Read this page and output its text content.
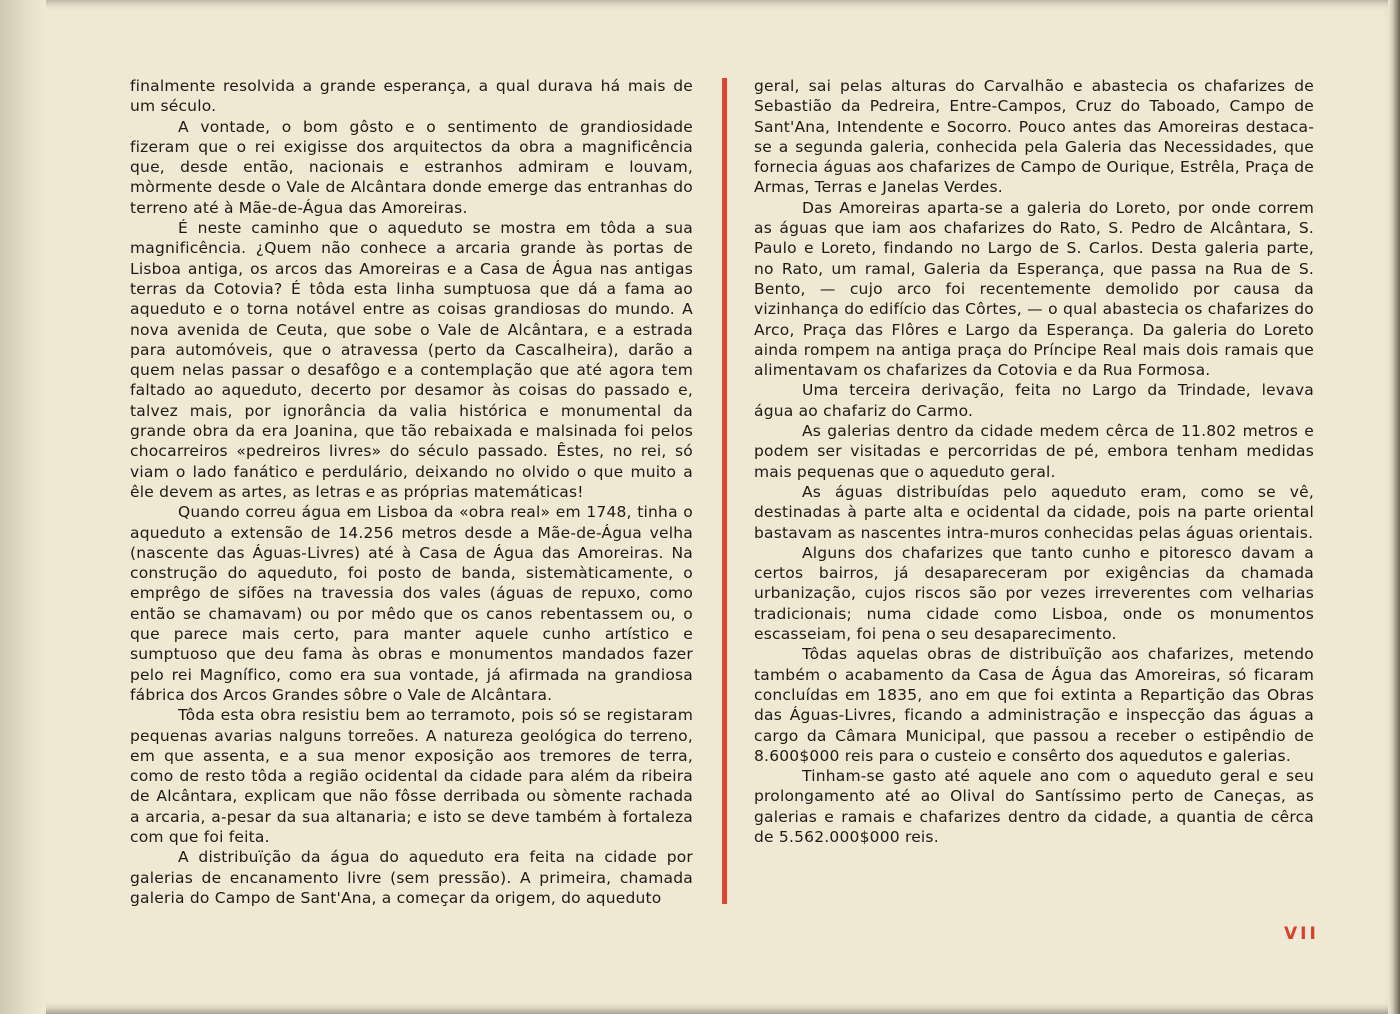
finalmente resolvida a grande esperança, a qual durava há mais de um século.

A vontade, o bom gôsto e o sentimento de grandiosidade fizeram que o rei exigisse dos arquitectos da obra a magnificência que, desde então, nacionais e estranhos admiram e louvam, mòrmente desde o Vale de Alcântara donde emerge das entranhas do terreno até à Mãe-de-Água das Amoreiras.

É neste caminho que o aqueduto se mostra em tôda a sua magnificência. ¿Quem não conhece a arcaria grande às portas de Lisboa antiga, os arcos das Amoreiras e a Casa de Água nas antigas terras da Cotovia? É tôda esta linha sumptuosa que dá a fama ao aqueduto e o torna notável entre as coisas grandiosas do mundo. A nova avenida de Ceuta, que sobe o Vale de Alcântara, e a estrada para automóveis, que o atravessa (perto da Cascalheira), darão a quem nelas passar o desafôgo e a contemplação que até agora tem faltado ao aqueduto, decerto por desamor às coisas do passado e, talvez mais, por ignorância da valia histórica e monumental da grande obra da era Joanina, que tão rebaixada e malsinada foi pelos chocarreiros «pedreiros livres» do século passado. Êstes, no rei, só viam o lado fanático e perdulário, deixando no olvido o que muito a êle devem as artes, as letras e as próprias matemáticas!

Quando correu água em Lisboa da «obra real» em 1748, tinha o aqueduto a extensão de 14.256 metros desde a Mãe-de-Água velha (nascente das Águas-Livres) até à Casa de Água das Amoreiras. Na construção do aqueduto, foi posto de banda, sistemàticamente, o emprêgo de sifões na travessia dos vales (águas de repuxo, como então se chamavam) ou por mêdo que os canos rebentassem ou, o que parece mais certo, para manter aquele cunho artístico e sumptuoso que deu fama às obras e monumentos mandados fazer pelo rei Magnífico, como era sua vontade, já afirmada na grandiosa fábrica dos Arcos Grandes sôbre o Vale de Alcântara.

Tôda esta obra resistiu bem ao terramoto, pois só se registaram pequenas avarias nalguns torreões. A natureza geológica do terreno, em que assenta, e a sua menor exposição aos tremores de terra, como de resto tôda a região ocidental da cidade para além da ribeira de Alcântara, explicam que não fôsse derribada ou sòmente rachada a arcaria, a-pesar da sua altanaria; e isto se deve também à fortaleza com que foi feita.

A distribuïção da água do aqueduto era feita na cidade por galerias de encanamento livre (sem pressão). A primeira, chamada galeria do Campo de Sant'Ana, a começar da origem, do aqueduto

geral, sai pelas alturas do Carvalhão e abastecia os chafarizes de Sebastião da Pedreira, Entre-Campos, Cruz do Taboado, Campo de Sant'Ana, Intendente e Socorro. Pouco antes das Amoreiras destaca-se a segunda galeria, conhecida pela Galeria das Necessidades, que fornecia águas aos chafarizes de Campo de Ourique, Estrêla, Praça de Armas, Terras e Janelas Verdes.

Das Amoreiras aparta-se a galeria do Loreto, por onde correm as águas que iam aos chafarizes do Rato, S. Pedro de Alcântara, S. Paulo e Loreto, findando no Largo de S. Carlos. Desta galeria parte, no Rato, um ramal, Galeria da Esperança, que passa na Rua de S. Bento, — cujo arco foi recentemente demolido por causa da vizinhança do edifício das Côrtes, — o qual abastecia os chafarizes do Arco, Praça das Flôres e Largo da Esperança. Da galeria do Loreto ainda rompem na antiga praça do Príncipe Real mais dois ramais que alimentavam os chafarizes da Cotovia e da Rua Formosa.

Uma terceira derivação, feita no Largo da Trindade, levava água ao chafariz do Carmo.

As galerias dentro da cidade medem cêrca de 11.802 metros e podem ser visitadas e percorridas de pé, embora tenham medidas mais pequenas que o aqueduto geral.

As águas distribuídas pelo aqueduto eram, como se vê, destinadas à parte alta e ocidental da cidade, pois na parte oriental bastavam as nascentes intra-muros conhecidas pelas águas orientais.

Alguns dos chafarizes que tanto cunho e pitoresco davam a certos bairros, já desapareceram por exigências da chamada urbanização, cujos riscos são por vezes irreverentes com velharias tradicionais; numa cidade como Lisboa, onde os monumentos escasseiam, foi pena o seu desaparecimento.

Tôdas aquelas obras de distribuïção aos chafarizes, metendo também o acabamento da Casa de Água das Amoreiras, só ficaram concluídas em 1835, ano em que foi extinta a Repartição das Obras das Águas-Livres, ficando a administração e inspecção das águas a cargo da Câmara Municipal, que passou a receber o estipêndio de 8.600$000 reis para o custeio e consêrto dos aquedutos e galerias.

Tinham-se gasto até aquele ano com o aqueduto geral e seu prolongamento até ao Olival do Santíssimo perto de Caneças, as galerias e ramais e chafarizes dentro da cidade, a quantia de cêrca de 5.562.000$000 reis.

VII
